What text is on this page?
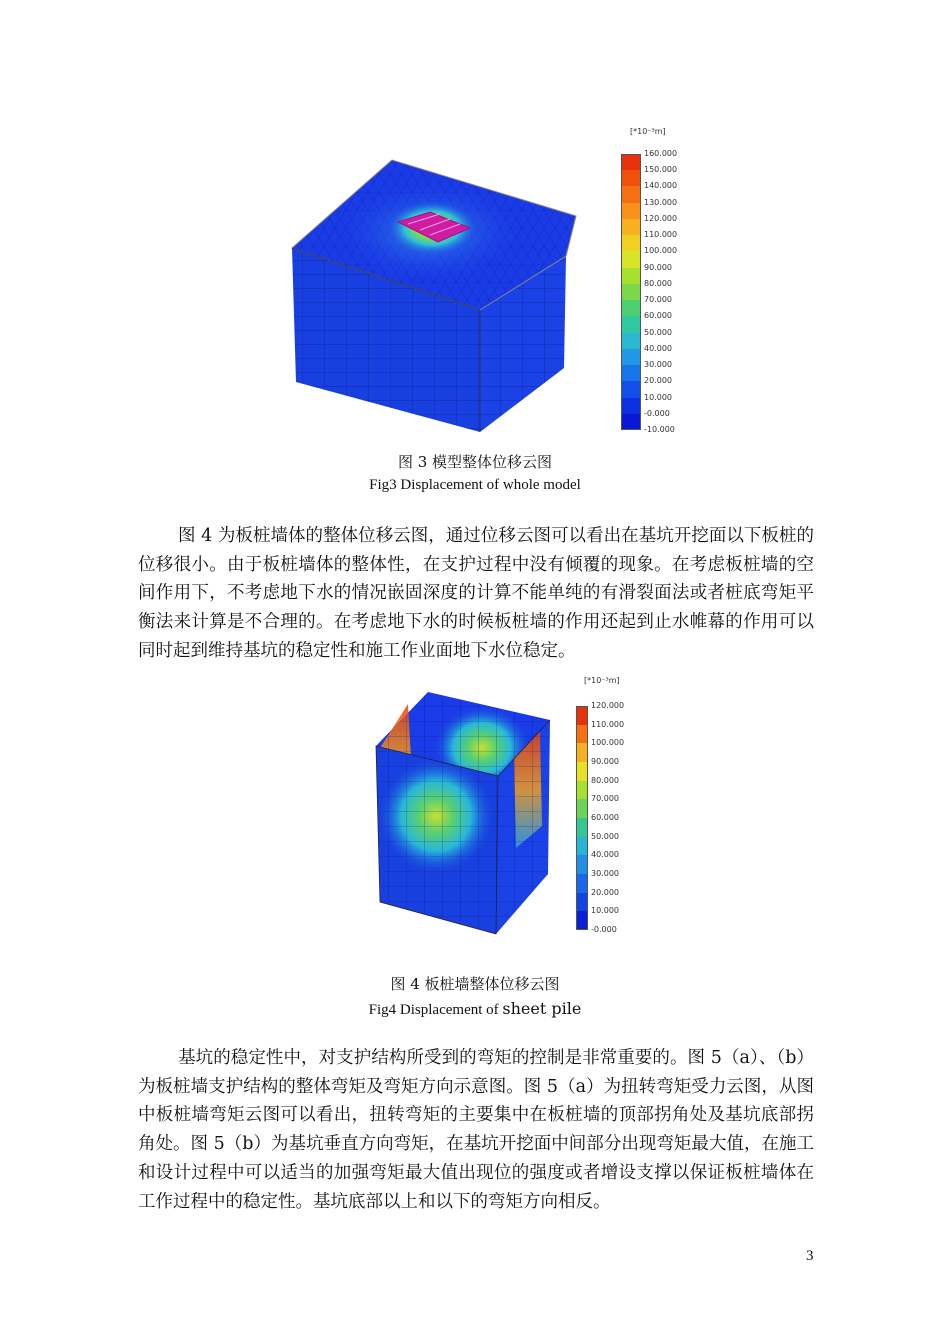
[*10⁻³m]
160.000
150.000
140.000
130.000
120.000
110.000
100.000
90.000
80.000
70.000
60.000
50.000
40.000
30.000
20.000
10.000
-0.000
-10.000
图 3 模型整体位移云图
Fig3 Displacement of whole model
图 4 为板桩墙体的整体位移云图，通过位移云图可以看出在基坑开挖面以下板桩的位移很小。由于板桩墙体的整体性，在支护过程中没有倾覆的现象。在考虑板桩墙的空间作用下，不考虑地下水的情况嵌固深度的计算不能单纯的有滑裂面法或者桩底弯矩平衡法来计算是不合理的。在考虑地下水的时候板桩墙的作用还起到止水帷幕的作用可以同时起到维持基坑的稳定性和施工作业面地下水位稳定。
[*10⁻³m]
120.000
110.000
100.000
90.000
80.000
70.000
60.000
50.000
40.000
30.000
20.000
10.000
-0.000
图 4 板桩墙整体位移云图
Fig4 Displacement of sheet pile
基坑的稳定性中，对支护结构所受到的弯矩的控制是非常重要的。图 5（a）、（b）为板桩墙支护结构的整体弯矩及弯矩方向示意图。图 5（a）为扭转弯矩受力云图，从图中板桩墙弯矩云图可以看出，扭转弯矩的主要集中在板桩墙的顶部拐角处及基坑底部拐角处。图 5（b）为基坑垂直方向弯矩，在基坑开挖面中间部分出现弯矩最大值，在施工和设计过程中可以适当的加强弯矩最大值出现位的强度或者增设支撑以保证板桩墙体在工作过程中的稳定性。基坑底部以上和以下的弯矩方向相反。
3
